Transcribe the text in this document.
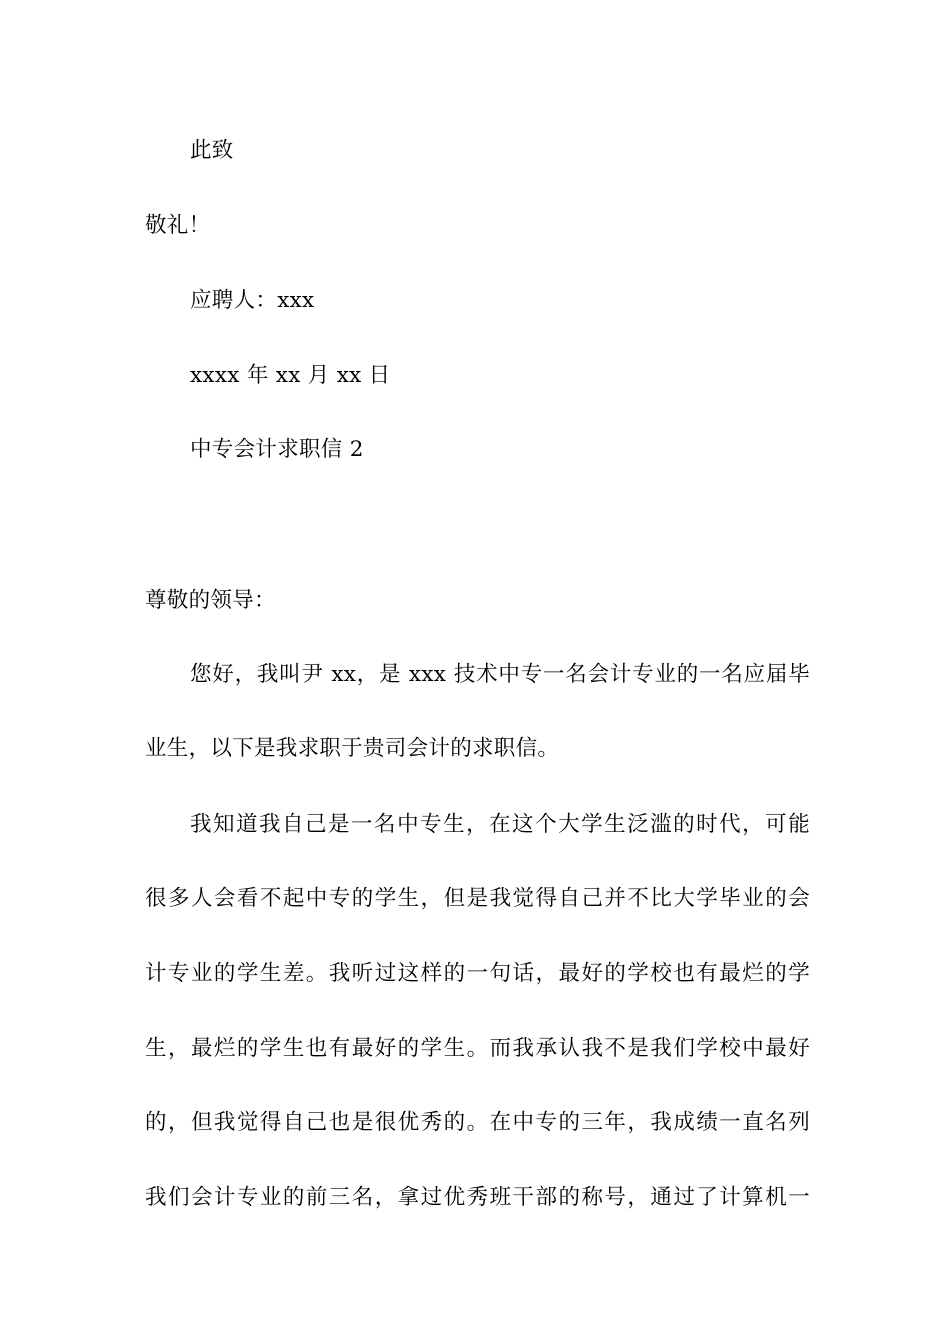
此致
敬礼！
应聘人：xxx
xxxx 年 xx 月 xx 日
中专会计求职信 2
尊敬的领导：
您好，我叫尹 xx，是 xxx 技术中专一名会计专业的一名应届毕
业生，以下是我求职于贵司会计的求职信。
我知道我自己是一名中专生，在这个大学生泛滥的时代，可能
很多人会看不起中专的学生，但是我觉得自己并不比大学毕业的会
计专业的学生差。我听过这样的一句话，最好的学校也有最烂的学
生，最烂的学生也有最好的学生。而我承认我不是我们学校中最好
的，但我觉得自己也是很优秀的。在中专的三年，我成绩一直名列
我们会计专业的前三名，拿过优秀班干部的称号，通过了计算机一
